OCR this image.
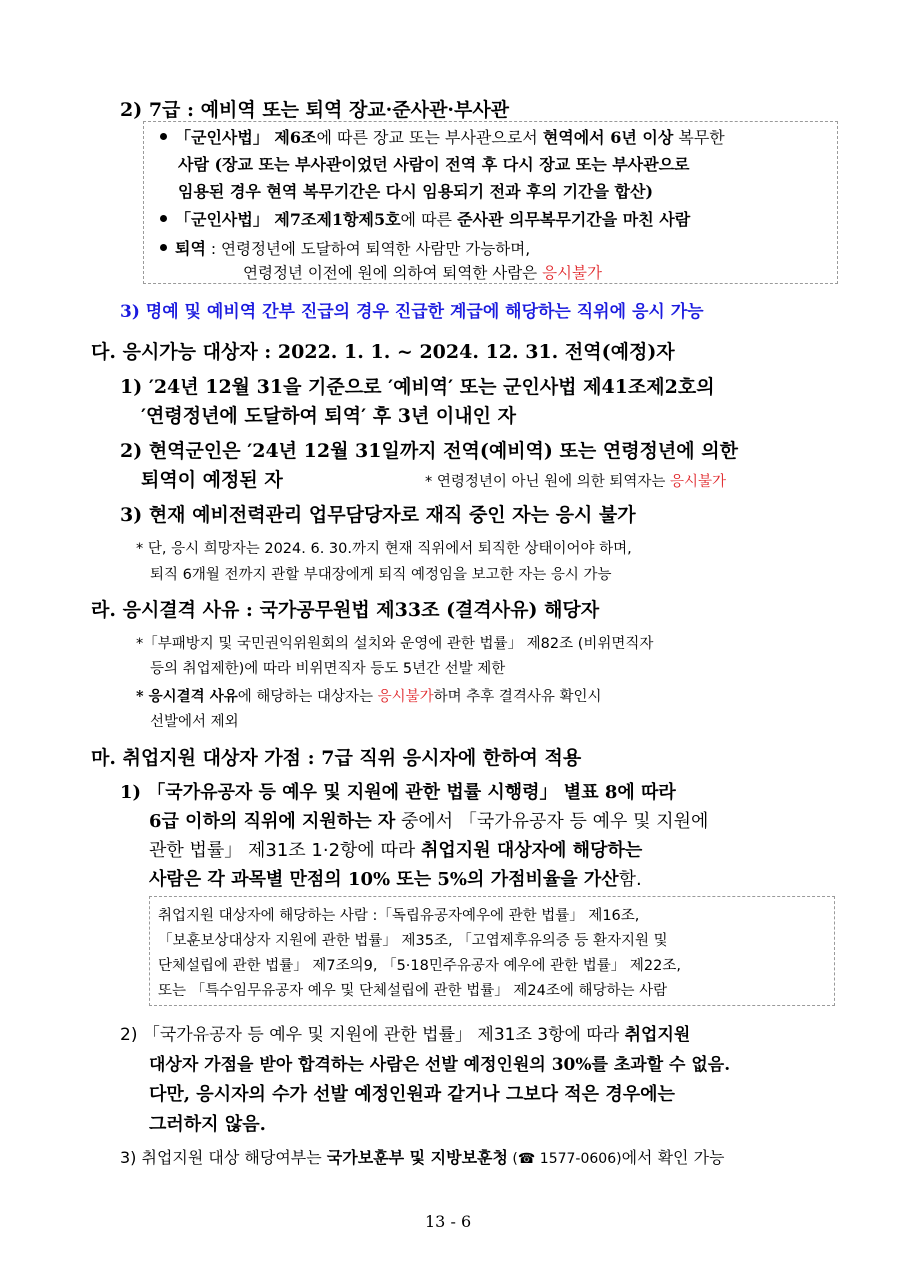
2) 7급 : 예비역 또는 퇴역 장교·준사관·부사관
「군인사법」 제6조에 따른 장교 또는 부사관으로서 현역에서 6년 이상 복무한
사람 (장교 또는 부사관이었던 사람이 전역 후 다시 장교 또는 부사관으로
임용된 경우 현역 복무기간은 다시 임용되기 전과 후의 기간을 합산)
「군인사법」 제7조제1항제5호에 따른 준사관 의무복무기간을 마친 사람
퇴역 : 연령정년에 도달하여 퇴역한 사람만 가능하며,
연령정년 이전에 원에 의하여 퇴역한 사람은 응시불가
3) 명예 및 예비역 간부 진급의 경우 진급한 계급에 해당하는 직위에 응시 가능
다. 응시가능 대상자 : 2022. 1. 1. ~ 2024. 12. 31. 전역(예정)자
1) ′24년 12월 31을 기준으로 ′예비역′ 또는 군인사법 제41조제2호의
′연령정년에 도달하여 퇴역′ 후 3년 이내인 자
2) 현역군인은 ′24년 12월 31일까지 전역(예비역) 또는 연령정년에 의한
퇴역이 예정된 자	* 연령정년이 아닌 원에 의한 퇴역자는 응시불가
3) 현재 예비전력관리 업무담당자로 재직 중인 자는 응시 불가
* 단, 응시 희망자는 2024. 6. 30.까지 현재 직위에서 퇴직한 상태이어야 하며,
퇴직 6개월 전까지 관할 부대장에게 퇴직 예정임을 보고한 자는 응시 가능
라. 응시결격 사유 : 국가공무원법 제33조 (결격사유) 해당자
*「부패방지 및 국민권익위원회의 설치와 운영에 관한 법률」 제82조 (비위면직자
등의 취업제한)에 따라 비위면직자 등도 5년간 선발 제한
* 응시결격 사유에 해당하는 대상자는 응시불가하며 추후 결격사유 확인시
선발에서 제외
마. 취업지원 대상자 가점 : 7급 직위 응시자에 한하여 적용
1) 「국가유공자 등 예우 및 지원에 관한 법률 시행령」 별표 8에 따라
6급 이하의 직위에 지원하는 자 중에서 「국가유공자 등 예우 및 지원에
관한 법률」 제31조 1·2항에 따라 취업지원 대상자에 해당하는
사람은 각 과목별 만점의 10% 또는 5%의 가점비율을 가산함.
취업지원 대상자에 해당하는 사람 :「독립유공자예우에 관한 법률」 제16조,
「보훈보상대상자 지원에 관한 법률」 제35조, 「고엽제후유의증 등 환자지원 및
단체설립에 관한 법률」 제7조의9, 「5·18민주유공자 예우에 관한 법률」 제22조,
또는 「특수임무유공자 예우 및 단체설립에 관한 법률」 제24조에 해당하는 사람
2) 「국가유공자 등 예우 및 지원에 관한 법률」 제31조 3항에 따라 취업지원
대상자 가점을 받아 합격하는 사람은 선발 예정인원의 30%를 초과할 수 없음.
다만, 응시자의 수가 선발 예정인원과 같거나 그보다 적은 경우에는
그러하지 않음.
3) 취업지원 대상 해당여부는 국가보훈부 및 지방보훈청 (☎ 1577-0606)에서 확인 가능
13 - 6
